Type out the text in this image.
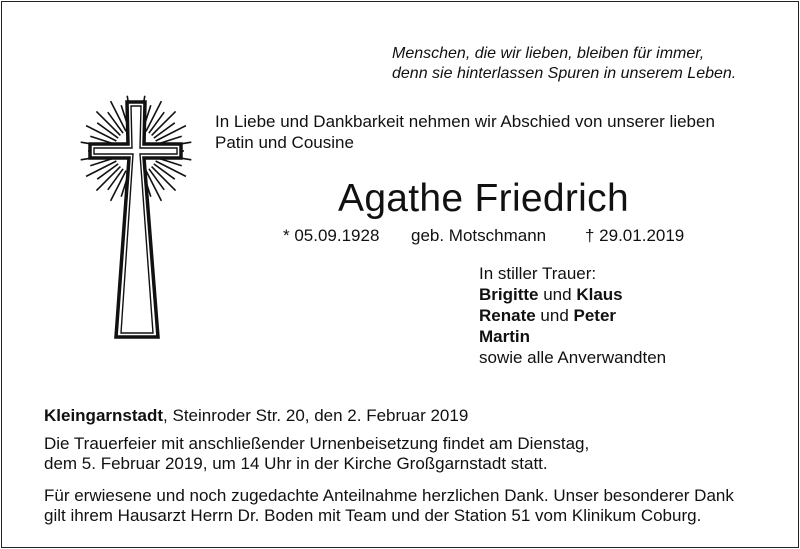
Menschen, die wir lieben, bleiben für immer,
denn sie hinterlassen Spuren in unserem Leben.
In Liebe und Dankbarkeit nehmen wir Abschied von unserer lieben
Patin und Cousine
Agathe Friedrich
* 05.09.1928 geb. Motschmann † 29.01.2019
In stiller Trauer:
Brigitte und Klaus
Renate und Peter
Martin
sowie alle Anverwandten
Kleingarnstadt, Steinroder Str. 20, den 2. Februar 2019
Die Trauerfeier mit anschließender Urnenbeisetzung findet am Dienstag,
dem 5. Februar 2019, um 14 Uhr in der Kirche Großgarnstadt statt.
Für erwiesene und noch zugedachte Anteilnahme herzlichen Dank. Unser besonderer Dank
gilt ihrem Hausarzt Herrn Dr. Boden mit Team und der Station 51 vom Klinikum Coburg.
